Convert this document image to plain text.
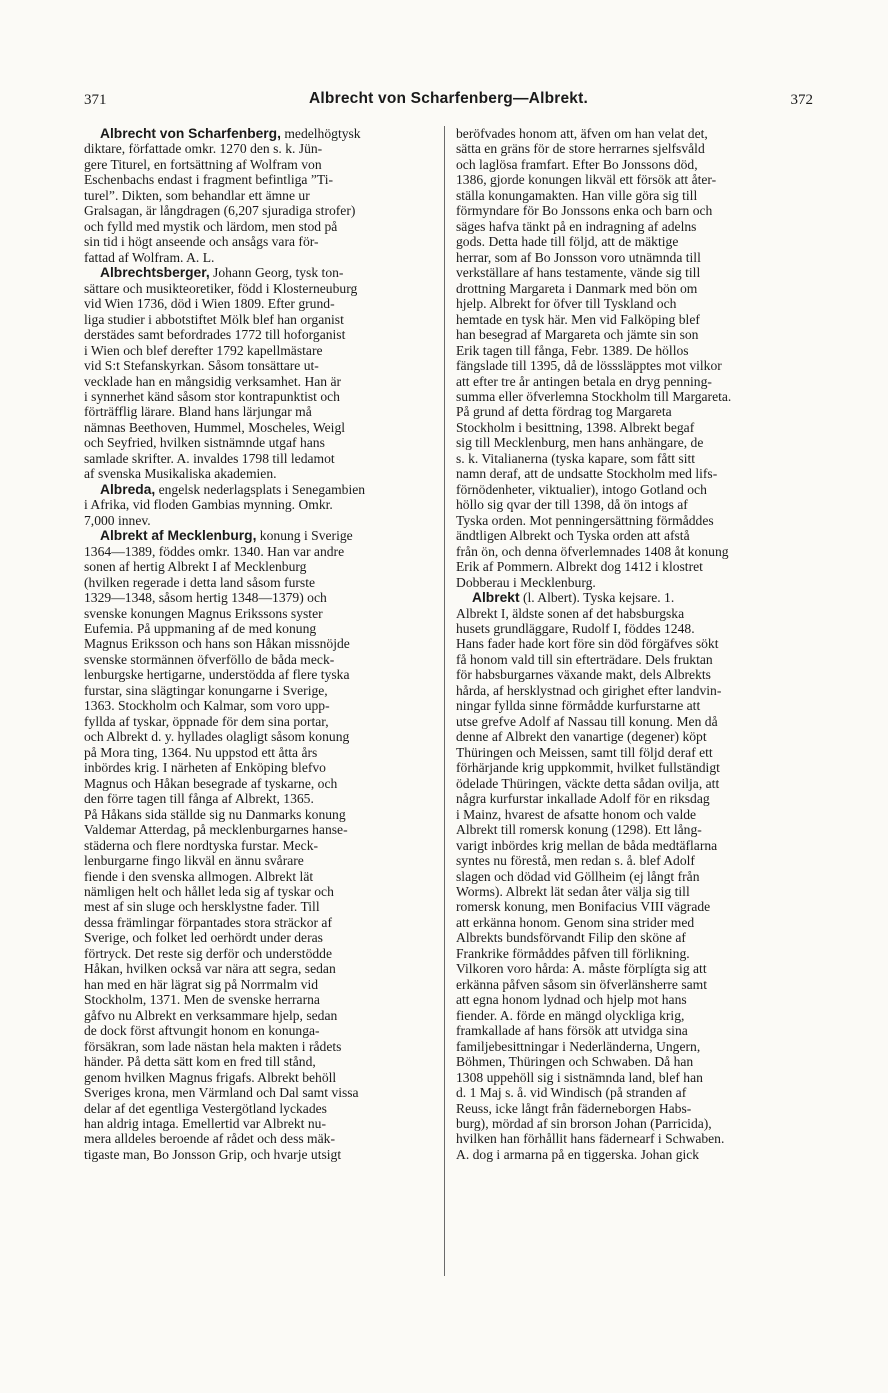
371	Albrecht von Scharfenberg—Albrekt.	372
Albrecht von Scharfenberg, medelhögtysk
diktare, författade omkr. 1270 den s. k. Jün-
gere Titurel, en fortsättning af Wolfram von
Eschenbachs endast i fragment befintliga ”Ti-
turel”. Dikten, som behandlar ett ämne ur
Gralsagan, är långdragen (6,207 sjuradiga strofer)
och fylld med mystik och lärdom, men stod på
sin tid i högt anseende och ansågs vara för-
fattad af Wolfram. A. L.
Albrechtsberger, Johann Georg, tysk ton-
sättare och musikteoretiker, född i Klosterneuburg
vid Wien 1736, död i Wien 1809. Efter grund-
liga studier i abbotstiftet Mölk blef han organist
derstädes samt befordrades 1772 till hoforganist
i Wien och blef derefter 1792 kapellmästare
vid S:t Stefanskyrkan. Såsom tonsättare ut-
vecklade han en mångsidig verksamhet. Han är
i synnerhet känd såsom stor kontrapunktist och
förträfflig lärare. Bland hans lärjungar må
nämnas Beethoven, Hummel, Moscheles, Weigl
och Seyfried, hvilken sistnämnde utgaf hans
samlade skrifter. A. invaldes 1798 till ledamot
af svenska Musikaliska akademien.
Albreda, engelsk nederlagsplats i Senegambien
i Afrika, vid floden Gambias mynning. Omkr.
7,000 innev.
Albrekt af Mecklenburg, konung i Sverige
1364—1389, föddes omkr. 1340. Han var andre
sonen af hertig Albrekt I af Mecklenburg
(hvilken regerade i detta land såsom furste
1329—1348, såsom hertig 1348—1379) och
svenske konungen Magnus Erikssons syster
Eufemia. På uppmaning af de med konung
Magnus Eriksson och hans son Håkan missnöjde
svenske stormännen öfverföllo de båda meck-
lenburgske hertigarne, understödda af flere tyska
furstar, sina slägtingar konungarne i Sverige,
1363. Stockholm och Kalmar, som voro upp-
fyllda af tyskar, öppnade för dem sina portar,
och Albrekt d. y. hyllades olagligt såsom konung
på Mora ting, 1364. Nu uppstod ett åtta års
inbördes krig. I närheten af Enköping blefvo
Magnus och Håkan besegrade af tyskarne, och
den förre tagen till fånga af Albrekt, 1365.
På Håkans sida ställde sig nu Danmarks konung
Valdemar Atterdag, på mecklenburgarnes hanse-
städerna och flere nordtyska furstar. Meck-
lenburgarne fingo likväl en ännu svårare
fiende i den svenska allmogen. Albrekt lät
nämligen helt och hållet leda sig af tyskar och
mest af sin sluge och hersklystne fader. Till
dessa främlingar förpantades stora sträckor af
Sverige, och folket led oerhördt under deras
förtryck. Det reste sig derför och understödde
Håkan, hvilken också var nära att segra, sedan
han med en här lägrat sig på Norrmalm vid
Stockholm, 1371. Men de svenske herrarna
gåfvo nu Albrekt en verksammare hjelp, sedan
de dock först aftvungit honom en konunga-
försäkran, som lade nästan hela makten i rådets
händer. På detta sätt kom en fred till stånd,
genom hvilken Magnus frigafs. Albrekt behöll
Sveriges krona, men Värmland och Dal samt vissa
delar af det egentliga Vestergötland lyckades
han aldrig intaga. Emellertid var Albrekt nu-
mera alldeles beroende af rådet och dess mäk-
tigaste man, Bo Jonsson Grip, och hvarje utsigt
beröfvades honom att, äfven om han velat det,
sätta en gräns för de store herrarnes sjelfsvåld
och laglösa framfart. Efter Bo Jonssons död,
1386, gjorde konungen likväl ett försök att åter-
ställa konungamakten. Han ville göra sig till
förmyndare för Bo Jonssons enka och barn och
säges hafva tänkt på en indragning af adelns
gods. Detta hade till följd, att de mäktige
herrar, som af Bo Jonsson voro utnämnda till
verkställare af hans testamente, vände sig till
drottning Margareta i Danmark med bön om
hjelp. Albrekt for öfver till Tyskland och
hemtade en tysk här. Men vid Falköping blef
han besegrad af Margareta och jämte sin son
Erik tagen till fånga, Febr. 1389. De höllos
fängslade till 1395, då de lösssläpptes mot vilkor
att efter tre år antingen betala en dryg penning-
summa eller öfverlemna Stockholm till Margareta.
På grund af detta fördrag tog Margareta
Stockholm i besittning, 1398. Albrekt begaf
sig till Mecklenburg, men hans anhängare, de
s. k. Vitalianerna (tyska kapare, som fått sitt
namn deraf, att de undsatte Stockholm med lifs-
förnödenheter, viktualier), intogo Gotland och
höllo sig qvar der till 1398, då ön intogs af
Tyska orden. Mot penningersättning förmåddes
ändtligen Albrekt och Tyska orden att afstå
från ön, och denna öfverlemnades 1408 åt konung
Erik af Pommern. Albrekt dog 1412 i klostret
Dobberau i Mecklenburg.
Albrekt (l. Albert). Tyska kejsare. 1.
Albrekt I, äldste sonen af det habsburgska
husets grundläggare, Rudolf I, föddes 1248.
Hans fader hade kort före sin död förgäfves sökt
få honom vald till sin efterträdare. Dels fruktan
för habsburgarnes växande makt, dels Albrekts
hårda, af hersklystnad och girighet efter landvin-
ningar fyllda sinne förmådde kurfurstarne att
utse grefve Adolf af Nassau till konung. Men då
denne af Albrekt den vanartige (degener) köpt
Thüringen och Meissen, samt till följd deraf ett
förhärjande krig uppkommit, hvilket fullständigt
ödelade Thüringen, väckte detta sådan ovilja, att
några kurfurstar inkallade Adolf för en riksdag
i Mainz, hvarest de afsatte honom och valde
Albrekt till romersk konung (1298). Ett lång-
varigt inbördes krig mellan de båda medtäflarna
syntes nu förestå, men redan s. å. blef Adolf
slagen och dödad vid Göllheim (ej långt från
Worms). Albrekt lät sedan åter välja sig till
romersk konung, men Bonifacius VIII vägrade
att erkänna honom. Genom sina strider med
Albrekts bundsförvandt Filip den sköne af
Frankrike förmåddes påfven till förlikning.
Vilkoren voro hårda: A. måste förplígta sig att
erkänna påfven såsom sin öfverlänsherre samt
att egna honom lydnad och hjelp mot hans
fiender. A. förde en mängd olyckliga krig,
framkallade af hans försök att utvidga sina
familjebesittningar i Nederländerna, Ungern,
Böhmen, Thüringen och Schwaben. Då han
1308 uppehöll sig i sistnämnda land, blef han
d. 1 Maj s. å. vid Windisch (på stranden af
Reuss, icke långt från fäderneborgen Habs-
burg), mördad af sin brorson Johan (Parricida),
hvilken han förhållit hans fädernearf i Schwaben.
A. dog i armarna på en tiggerska. Johan gick
